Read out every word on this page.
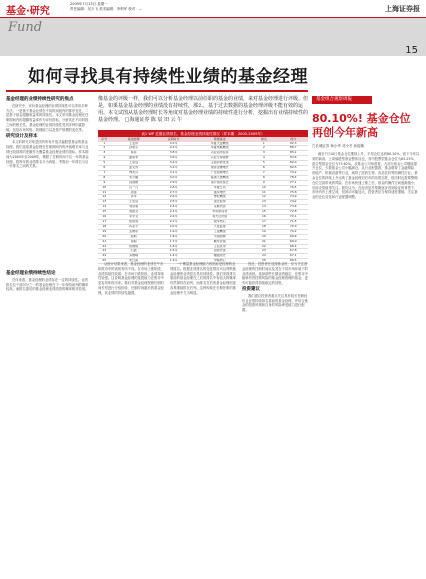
基金·研究
2009年7月13日 星期一
责任编辑：吴少飞 美术编辑：李利军 校对：...	上海证券报
Fund
15
如何寻找具有持续性业绩的基金经理
基金经理的业绩持续性研究的焦点

在研究中，评价基金经理的业绩持续性可以采用多种方法。一是基于基金业绩在不同时间段内的排序变化，二是基于基金超额收益率的持续性。本文采用基金经理在任职期间内的超额收益率作为评价指标，分析其在不同时段之间的相关性。基金经理的业绩持续性受到多种因素影响，包括市场风格、管理能力以及资产规模的变化等。

研究设计及样本

本文的研究对象是国内所有开放式偏股型基金的基金经理。我们选取基金经理在任职期间内的净值增长率与业绩比较基准的差额作为衡量基金经理业绩的指标。样本期间为2005年至2009年，剔除了任职时间不足一年的基金经理。将每年的业绩排名分为四组，考察前一年排名与后一年排名之间的关系。

基金经理业绩持续性结论

总体来看，基金经理的业绩存在一定的持续性。业绩排名位于前四分之一的基金经理在下一年保持前列的概率较高，而排名靠后的基金经理业绩改善的概率相对较低。

像基金的评级一样，我们可以分析基金经理以前任职的基金的业绩，来对基金经理进行评级。但是，如果基金基金经理的业绩没有持续性，那么，基于过去数据的基金经理评级不能有效的运用。本文试图从基金经理时长等角度对基金经理业绩的持续性进行分析，挖掘出有业绩持续性的基金经理。 □海通证券 陈 辰 田 云 午
表1 WP 近期业绩排名、基金经理业绩持续性情况（样本期：2005-2009年）
序号	基金经理	任职时长	管理基金	排名	得分
1	王亚伟	4.5年	华夏大盘精选	1	92.3
2	孙建冬	4.2年	华夏策略精选	2	88.7
3	杨东	3.8年	兴业趋势投资	3	85.1
4	董承非	3.6年	兴业全球视野	4	83.6
5	王茹远	3.4年	宝盈资源优选	5	82.0
6	姜文涛	3.2年	国泰金鹰增长	6	80.5
7	傅友兴	3.1年	广发稳健增长	7	79.2
8	朱少醒	3.0年	富国天惠精选	8	78.4
9	邱国鹭	2.9年	南方绩优成长	9	77.1
10	吕一凡	2.8年	华夏红利	10	76.5
11	孙锋	2.7年	嘉实增长	11	75.8
12	肖华	2.6年	博时精选	12	74.9
13	王宏远	2.5年	诺安股票	13	74.2
14	刘彦春	2.4年	景顺内需	14	73.6
15	周蔚文	2.3年	中欧新趋势	15	72.8
16	李学文	2.2年	易方达价值	16	72.1
17	陈绍胜	2.1年	银华核心	17	71.5
18	汤亚平	2.0年	大成蓝筹	18	70.9
19	张晓东	1.9年	工银精选	19	70.2
20	赵枫	1.8年	交银稳健	20	69.6
21	谭丽	1.7年	鹏华价值	21	69.0
22	陈晓翔	1.6年	上投优势	22	68.4
23	石波	1.5年	招商先锋	23	67.8
24	邓晓峰	1.4年	融通领先	24	67.1
25	朱红裕	1.3年	中邮核心	25	66.5

从统计结果来看，基金经理的业绩在牛市和熊市中的表现有所不同。在市场上涨阶段，业绩持续性较弱；在市场下跌阶段，业绩持续性较强。这说明基金经理的选股能力在熊市中更容易体现出来。我们对基金经理按照任职时间长短进行分组检验，任职时间越长的基金经理，其业绩的持续性越强。

一个衡量基金经理能力的指标是经理的业绩排名。根据业绩排名的变化情况可以判断基金经理的业绩是否具有持续性。我们发现排名靠前的基金经理在之后的排名中有较大的概率仍然保持在前列，而排名在后的基金经理则更容易继续排在后列。这种现象在长期任职的基金经理中尤为明显。

因此，投资者在选择基金时，应当关注基金经理的任职时间以及其在不同市场环境下的业绩表现。选择那些长期业绩稳定、在熊市中能够有效控制风险的基金经理管理的基金，更有可能获得持续稳定的回报。

投资建议

我们建议投资者重点关注具有较长任职经历且业绩持续排名靠前的基金经理，并结合基金的投资风格和自身的风险承受能力进行配置。

基金组合观察周报
80.10%! 基金仓位再创今年新高
□长城证券 杨小华 邓小冬 孙振敏

截至7月10日基金仓位继续上升，平均仓位达到80.10%，创下今年以来的新高。上周偏股型基金整体加仓，其中股票型基金仓位为83.25%，混合型基金仓位为75.62%。从基金公司角度看，大部分基金公司继续提升仓位，少数基金公司小幅减仓。从行业配置看，基金增持了金融保险、房地产、机械设备等行业，减持了医药生物、食品饮料等防御性行业。基金仓位的持续上升反映了基金经理对后市的乐观态度，但同时也需要警惕仓位过高带来的风险。在市场快速上涨之后，基金的操作空间逐渐缩小，后续走势值得关注。我们认为，在经济复苏预期逐步得到验证的背景下，市场仍有上涨空间，但波动可能加大，投资者应当保持适度谨慎，关注基金的仓位变化和行业配置调整。
